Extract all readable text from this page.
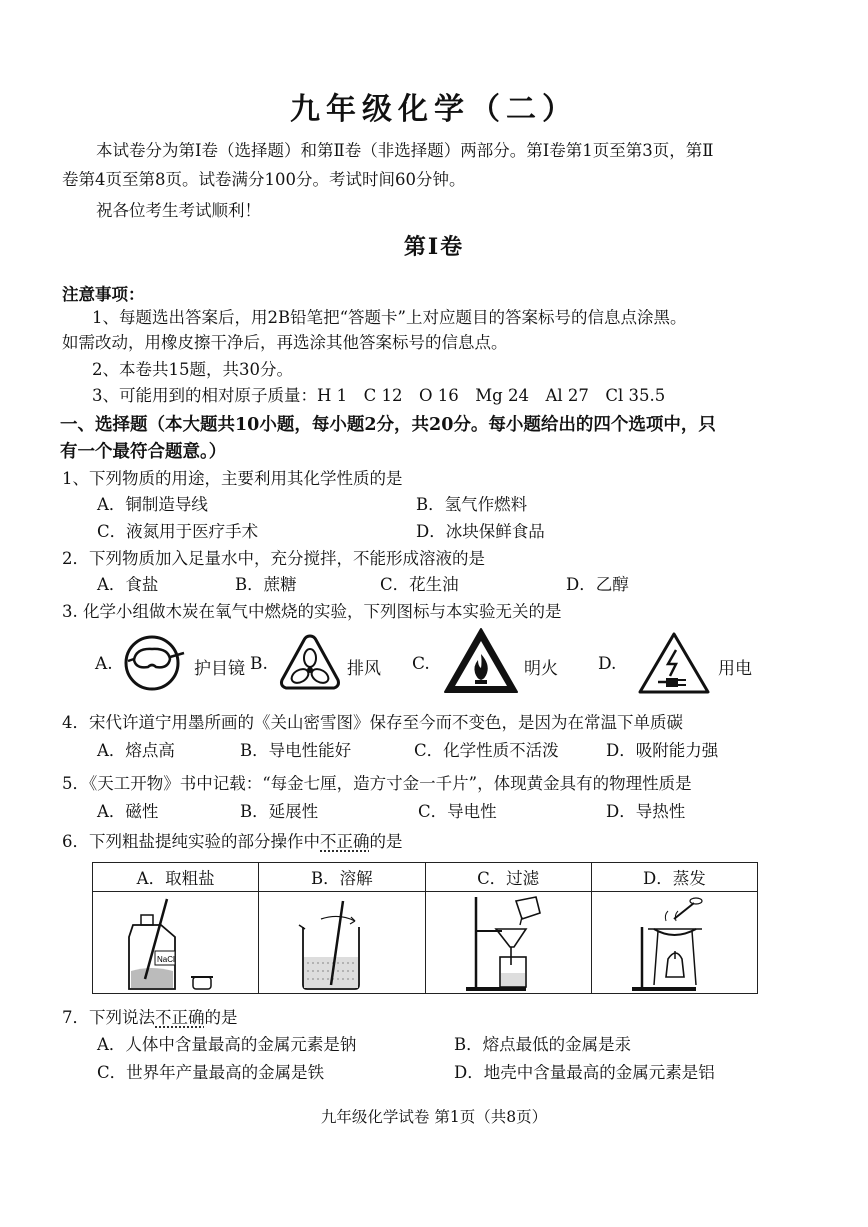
九年级化学（二）
本试卷分为第Ⅰ卷（选择题）和第Ⅱ卷（非选择题）两部分。第Ⅰ卷第1页至第3页，第Ⅱ
卷第4页至第8页。试卷满分100分。考试时间60分钟。
祝各位考生考试顺利！
第Ⅰ卷
注意事项：
1、每题选出答案后，用2B铅笔把“答题卡”上对应题目的答案标号的信息点涂黑。
如需改动，用橡皮擦干净后，再选涂其他答案标号的信息点。
2、本卷共15题，共30分。
3、可能用到的相对原子质量：H 1　C 12　O 16　Mg 24　Al 27　Cl 35.5
一、选择题（本大题共10小题，每小题2分，共20分。每小题给出的四个选项中，只
有一个最符合题意。）
1、下列物质的用途，主要利用其化学性质的是
A．铜制造导线	B．氢气作燃料
C．液氮用于医疗手术	D．冰块保鲜食品
2．下列物质加入足量水中，充分搅拌，不能形成溶液的是
A．食盐	B．蔗糖	C．花生油	D．乙醇
3. 化学小组做木炭在氧气中燃烧的实验，下列图标与本实验无关的是
A.	护目镜 B.	排风 C.	明火 D.	用电
4．宋代许道宁用墨所画的《关山密雪图》保存至今而不变色，是因为在常温下单质碳
A．熔点高	B．导电性能好	C．化学性质不活泼	D．吸附能力强
5．《天工开物》书中记载：“每金七厘，造方寸金一千片”，体现黄金具有的物理性质是
A．磁性	B．延展性	C．导电性	D．导热性
6．下列粗盐提纯实验的部分操作中不正确的是
A．取粗盐	B．溶解	C．过滤	D．蒸发

NaCl

7．下列说法不正确的是
A．人体中含量最高的金属元素是钠	B．熔点最低的金属是汞
C．世界年产量最高的金属是铁	D．地壳中含量最高的金属元素是铝
九年级化学试卷 第1页（共8页）
